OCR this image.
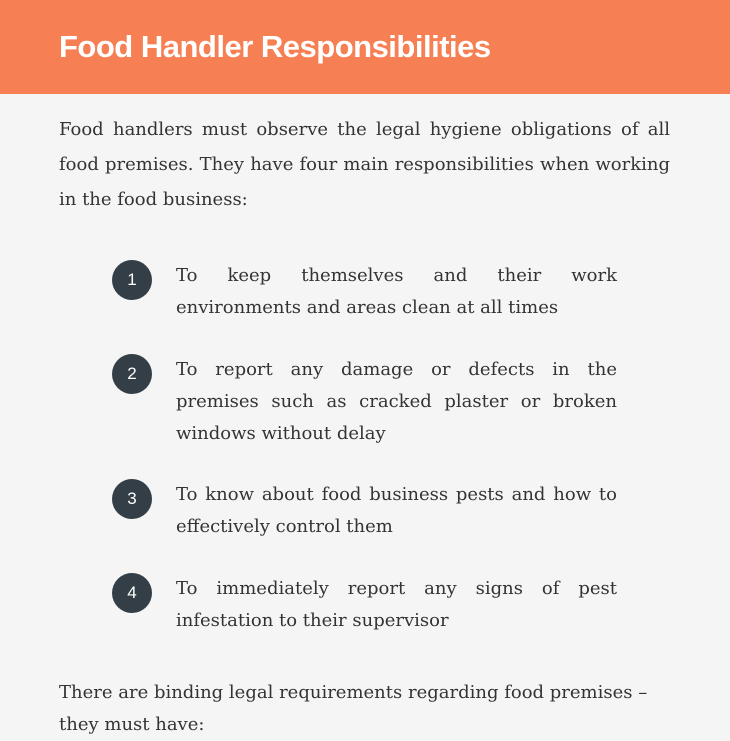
Food Handler Responsibilities

Food handlers must observe the legal hygiene obligations of all food premises. They have four main responsibilities when working in the food business:

1	To keep themselves and their work environments and areas clean at all times
2	To report any damage or defects in the premises such as cracked plaster or broken windows without delay
3	To know about food business pests and how to effectively control them
4	To immediately report any signs of pest infestation to their supervisor

There are binding legal requirements regarding food premises – they must have:
